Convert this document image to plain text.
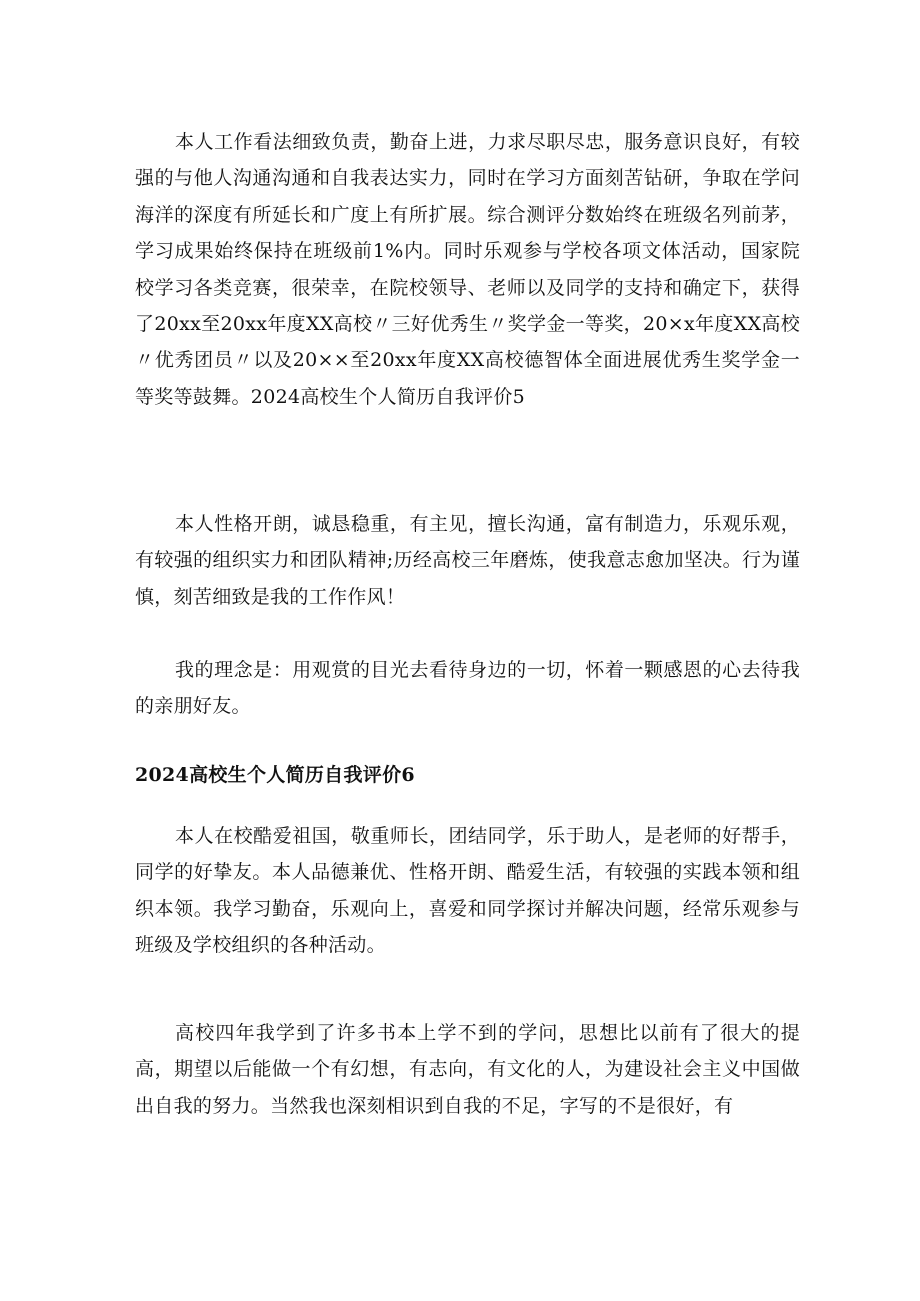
本人工作看法细致负责，勤奋上进，力求尽职尽忠，服务意识良好，有较强的与他人沟通沟通和自我表达实力，同时在学习方面刻苦钻研，争取在学问海洋的深度有所延长和广度上有所扩展。综合测评分数始终在班级名列前茅，学习成果始终保持在班级前1%内。同时乐观参与学校各项文体活动，国家院校学习各类竞赛，很荣幸，在院校领导、老师以及同学的支持和确定下，获得了20xx至20xx年度XX高校〃三好优秀生〃奖学金一等奖，20×x年度XX高校〃优秀团员〃以及20××至20xx年度XX高校德智体全面进展优秀生奖学金一等奖等鼓舞。2024高校生个人简历自我评价5

本人性格开朗，诚恳稳重，有主见，擅长沟通，富有制造力，乐观乐观，有较强的组织实力和团队精神;历经高校三年磨炼，使我意志愈加坚决。行为谨慎，刻苦细致是我的工作作风！

我的理念是：用观赏的目光去看待身边的一切，怀着一颗感恩的心去待我的亲朋好友。

2024高校生个人简历自我评价6

本人在校酷爱祖国，敬重师长，团结同学，乐于助人，是老师的好帮手，同学的好挚友。本人品德兼优、性格开朗、酷爱生活，有较强的实践本领和组织本领。我学习勤奋，乐观向上，喜爱和同学探讨并解决问题，经常乐观参与班级及学校组织的各种活动。

高校四年我学到了许多书本上学不到的学问，思想比以前有了很大的提高，期望以后能做一个有幻想，有志向，有文化的人，为建设社会主义中国做出自我的努力。当然我也深刻相识到自我的不足，字写的不是很好，有
